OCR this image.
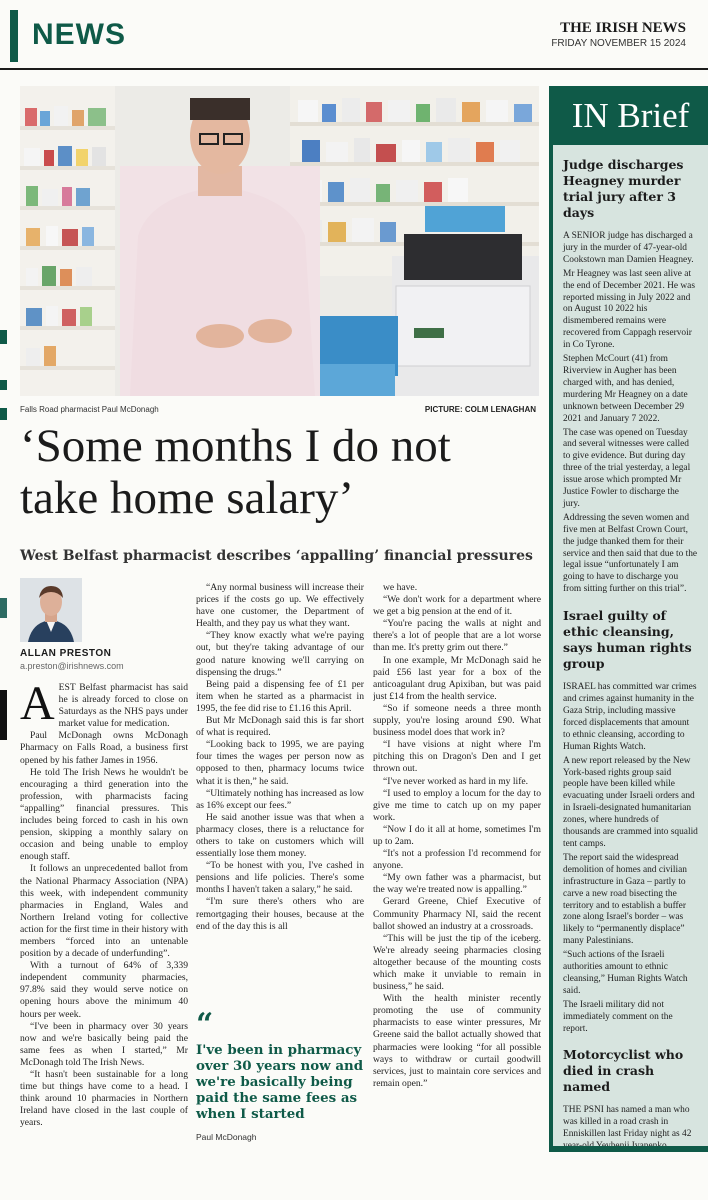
NEWS	THE IRISH NEWS
FRIDAY NOVEMBER 15 2024
Falls Road pharmacist Paul McDonagh	PICTURE: COLM LENAGHAN
‘Some months I do not take home salary’
West Belfast pharmacist describes ‘appalling’ financial pressures
ALLAN PRESTON
a.preston@irishnews.com

AEST Belfast pharmacist has said he is already forced to close on Saturdays as the NHS pays under market value for medication.

Paul McDonagh owns McDonagh Pharmacy on Falls Road, a business first opened by his father James in 1956.

He told The Irish News he wouldn't be encouraging a third generation into the profession, with pharmacists facing “appalling” financial pressures. This includes being forced to cash in his own pension, skipping a monthly salary on occasion and being unable to employ enough staff.

It follows an unprecedented ballot from the National Pharmacy Association (NPA) this week, with independent community pharmacies in England, Wales and Northern Ireland voting for collective action for the first time in their history with members “forced into an untenable position by a decade of underfunding”.

With a turnout of 64% of 3,339 independent community pharmacies, 97.8% said they would serve notice on opening hours above the minimum 40 hours per week.

“I've been in pharmacy over 30 years now and we're basically being paid the same fees as when I started,” Mr McDonagh told The Irish News.

“It hasn't been sustainable for a long time but things have come to a head. I think around 10 pharmacies in Northern Ireland have closed in the last couple of years.

“Any normal business will increase their prices if the costs go up. We effectively have one customer, the Department of Health, and they pay us what they want.

“They know exactly what we're paying out, but they're taking advantage of our good nature knowing we'll carrying on dispensing the drugs.”

Being paid a dispensing fee of £1 per item when he started as a pharmacist in 1995, the fee did rise to £1.16 this April.

But Mr McDonagh said this is far short of what is required.

“Looking back to 1995, we are paying four times the wages per person now as opposed to then, pharmacy locums twice what it is then,” he said.

“Ultimately nothing has increased as low as 16% except our fees.”

He said another issue was that when a pharmacy closes, there is a reluctance for others to take on customers which will essentially lose them money.

“To be honest with you, I've cashed in pensions and life policies. There's some months I haven't taken a salary,” he said.

“I'm sure there's others who are remortgaging their houses, because at the end of the day this is all

we have.

“We don't work for a department where we get a big pension at the end of it.

“You're pacing the walls at night and there's a lot of people that are a lot worse than me. It's pretty grim out there.”

In one example, Mr McDonagh said he paid £56 last year for a box of the anticoagulant drug Apixiban, but was paid just £14 from the health service.

“So if someone needs a three month supply, you're losing around £90. What business model does that work in?

“I have visions at night where I'm pitching this on Dragon's Den and I get thrown out.

“I've never worked as hard in my life.

“I used to employ a locum for the day to give me time to catch up on my paper work.

“Now I do it all at home, sometimes I'm up to 2am.

“It's not a profession I'd recommend for anyone.

“My own father was a pharmacist, but the way we're treated now is appalling.”

Gerard Greene, Chief Executive of Community Pharmacy NI, said the recent ballot showed an industry at a crossroads.

“This will be just the tip of the iceberg. We're already seeing pharmacies closing altogether because of the mounting costs which make it unviable to remain in business,” he said.

With the health minister recently promoting the use of community pharmacists to ease winter pressures, Mr Greene said the ballot actually showed that pharmacies were looking “for all possible ways to withdraw or curtail goodwill services, just to maintain core services and remain open.”

“
I've been in pharmacy over 30 years now and we're basically being paid the same fees as when I started
Paul McDonagh
IN Brief
Judge discharges Heagney murder trial jury after 3 days

A SENIOR judge has discharged a jury in the murder of 47-year-old Cookstown man Damien Heagney.

Mr Heagney was last seen alive at the end of December 2021. He was reported missing in July 2022 and on August 10 2022 his dismembered remains were recovered from Cappagh reservoir in Co Tyrone.

Stephen McCourt (41) from Riverview in Augher has been charged with, and has denied, murdering Mr Heagney on a date unknown between December 29 2021 and January 7 2022.

The case was opened on Tuesday and several witnesses were called to give evidence. But during day three of the trial yesterday, a legal issue arose which prompted Mr Justice Fowler to discharge the jury.

Addressing the seven women and five men at Belfast Crown Court, the judge thanked them for their service and then said that due to the legal issue “unfortunately I am going to have to discharge you from sitting further on this trial”.

Israel guilty of ethic cleansing, says human rights group

ISRAEL has committed war crimes and crimes against humanity in the Gaza Strip, including massive forced displacements that amount to ethnic cleansing, according to Human Rights Watch.

A new report released by the New York-based rights group said people have been killed while evacuating under Israeli orders and in Israeli-designated humanitarian zones, where hundreds of thousands are crammed into squalid tent camps.

The report said the widespread demolition of homes and civilian infrastructure in Gaza – partly to carve a new road bisecting the territory and to establish a buffer zone along Israel's border – was likely to “permanently displace” many Palestinians.

“Such actions of the Israeli authorities amount to ethnic cleansing,” Human Rights Watch said.

The Israeli military did not immediately comment on the report.

Motorcyclist who died in crash named

THE PSNI has named a man who was killed in a road crash in Enniskillen last Friday night as 42
